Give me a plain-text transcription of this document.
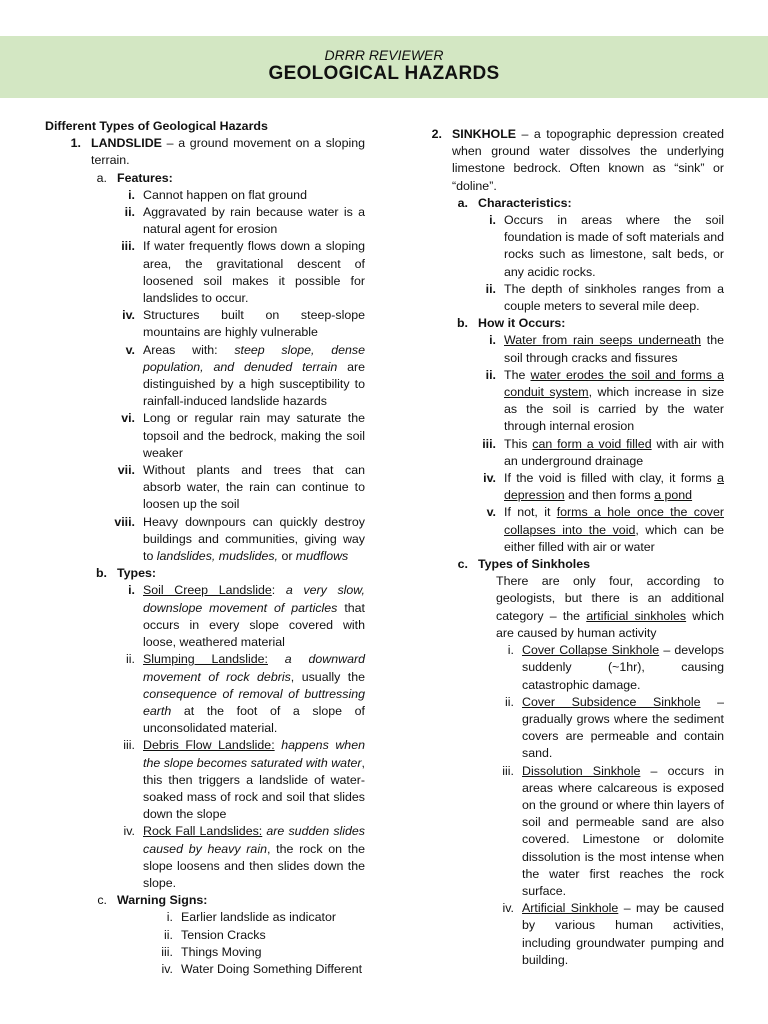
DRRR REVIEWER
GEOLOGICAL HAZARDS
Different Types of Geological Hazards
1. LANDSLIDE – a ground movement on a sloping terrain.
a. Features:
i. Cannot happen on flat ground
ii. Aggravated by rain because water is a natural agent for erosion
iii. If water frequently flows down a sloping area, the gravitational descent of loosened soil makes it possible for landslides to occur.
iv. Structures built on steep-slope mountains are highly vulnerable
v. Areas with: steep slope, dense population, and denuded terrain are distinguished by a high susceptibility to rainfall-induced landslide hazards
vi. Long or regular rain may saturate the topsoil and the bedrock, making the soil weaker
vii. Without plants and trees that can absorb water, the rain can continue to loosen up the soil
viii. Heavy downpours can quickly destroy buildings and communities, giving way to landslides, mudslides, or mudflows
b. Types:
i. Soil Creep Landslide: a very slow, downslope movement of particles that occurs in every slope covered with loose, weathered material
ii. Slumping Landslide: a downward movement of rock debris, usually the consequence of removal of buttressing earth at the foot of a slope of unconsolidated material.
iii. Debris Flow Landslide: happens when the slope becomes saturated with water, this then triggers a landslide of water-soaked mass of rock and soil that slides down the slope
iv. Rock Fall Landslides: are sudden slides caused by heavy rain, the rock on the slope loosens and then slides down the slope.
c. Warning Signs:
i. Earlier landslide as indicator
ii. Tension Cracks
iii. Things Moving
iv. Water Doing Something Different
2. SINKHOLE – a topographic depression created when ground water dissolves the underlying limestone bedrock. Often known as “sink” or “doline”.
a. Characteristics:
i. Occurs in areas where the soil foundation is made of soft materials and rocks such as limestone, salt beds, or any acidic rocks.
ii. The depth of sinkholes ranges from a couple meters to several mile deep.
b. How it Occurs:
i. Water from rain seeps underneath the soil through cracks and fissures
ii. The water erodes the soil and forms a conduit system, which increase in size as the soil is carried by the water through internal erosion
iii. This can form a void filled with air with an underground drainage
iv. If the void is filled with clay, it forms a depression and then forms a pond
v. If not, it forms a hole once the cover collapses into the void, which can be either filled with air or water
c. Types of Sinkholes
There are only four, according to geologists, but there is an additional category – the artificial sinkholes which are caused by human activity
i. Cover Collapse Sinkhole – develops suddenly (~1hr), causing catastrophic damage.
ii. Cover Subsidence Sinkhole – gradually grows where the sediment covers are permeable and contain sand.
iii. Dissolution Sinkhole – occurs in areas where calcareous is exposed on the ground or where thin layers of soil and permeable sand are also covered. Limestone or dolomite dissolution is the most intense when the water first reaches the rock surface.
iv. Artificial Sinkhole – may be caused by various human activities, including groundwater pumping and building.
